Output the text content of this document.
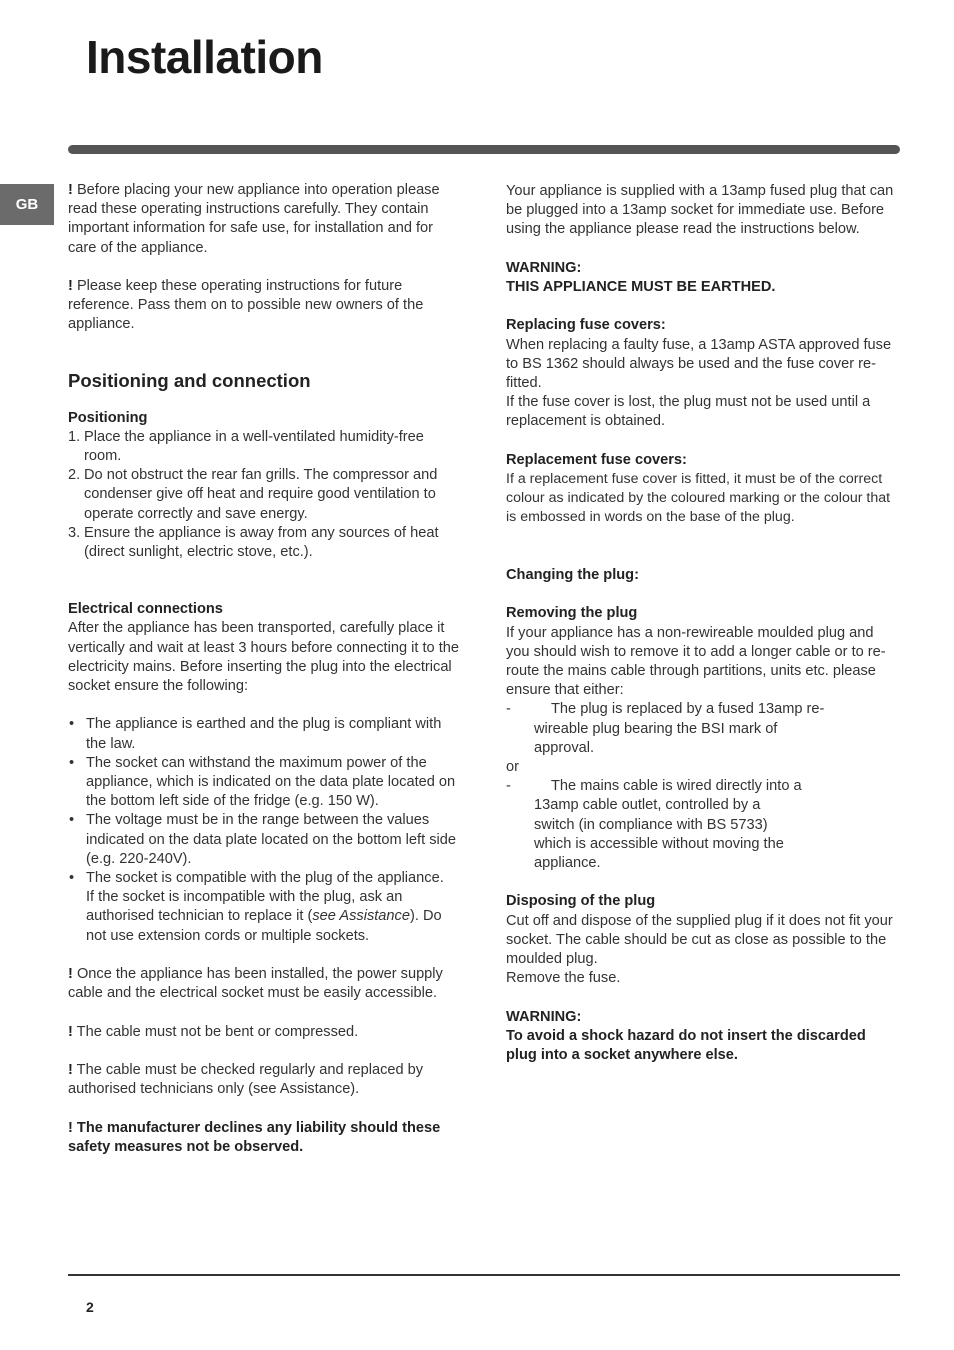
Installation
GB

! Before placing your new appliance into operation please read these operating instructions carefully. They contain important information for safe use, for installation and for care of the appliance.

! Please keep these operating instructions for future reference. Pass them on to possible new owners of the appliance.

Positioning and connection

Positioning

1. Place the appliance in a well-ventilated humidity-free room.
2. Do not obstruct the rear fan grills. The compressor and condenser give off heat and require good ventilation to operate correctly and save energy.
3. Ensure the appliance is away from any sources of heat (direct sunlight, electric stove, etc.).

Electrical connections

After the appliance has been transported, carefully place it vertically and wait at least 3 hours before connecting it to the electricity mains. Before inserting the plug into the electrical socket ensure the following:

• The appliance is earthed and the plug is compliant with the law.
• The socket can withstand the maximum power of the appliance, which is indicated on the data plate located on the bottom left side of the fridge (e.g. 150 W).
• The voltage must be in the range between the values indicated on the data plate located on the bottom left side (e.g. 220-240V).
• The socket is compatible with the plug of the appliance.
If the socket is incompatible with the plug, ask an authorised technician to replace it (see Assistance). Do not use extension cords or multiple sockets.

! Once the appliance has been installed, the power supply cable and the electrical socket must be easily accessible.

! The cable must not be bent or compressed.

! The cable must be checked regularly and replaced by authorised technicians only (see Assistance).

! The manufacturer declines any liability should these safety measures not be observed.

Your appliance is supplied with a 13amp fused plug that can be plugged into a 13amp socket for immediate use. Before using the appliance please read the instructions below.

WARNING:

THIS APPLIANCE MUST BE EARTHED.

Replacing fuse covers:

When replacing a faulty fuse, a 13amp ASTA approved fuse to BS 1362 should always be used and the fuse cover re-fitted.

If the fuse cover is lost, the plug must not be used until a replacement is obtained.

Replacement fuse covers:

If a replacement fuse cover is fitted, it must be of the correct colour as indicated by the coloured marking or the colour that is embossed in words on the base of the plug.

Changing the plug:

Removing the plug

If your appliance has a non-rewireable moulded plug and you should wish to remove it to add a longer cable or to re-route the mains cable through partitions, units etc. please ensure that either:

-	The plug is replaced by a fused 13amp re-
wireable plug bearing the BSI mark of
approval.

or

-	The mains cable is wired directly into a
13amp cable outlet, controlled by a
switch (in compliance with BS 5733)
which is accessible without moving the
appliance.

Disposing of the plug

Cut off and dispose of the supplied plug if it does not fit your socket. The cable should be cut as close as possible to the moulded plug.

Remove the fuse.

WARNING:

To avoid a shock hazard do not insert the discarded plug into a socket anywhere else.

2
